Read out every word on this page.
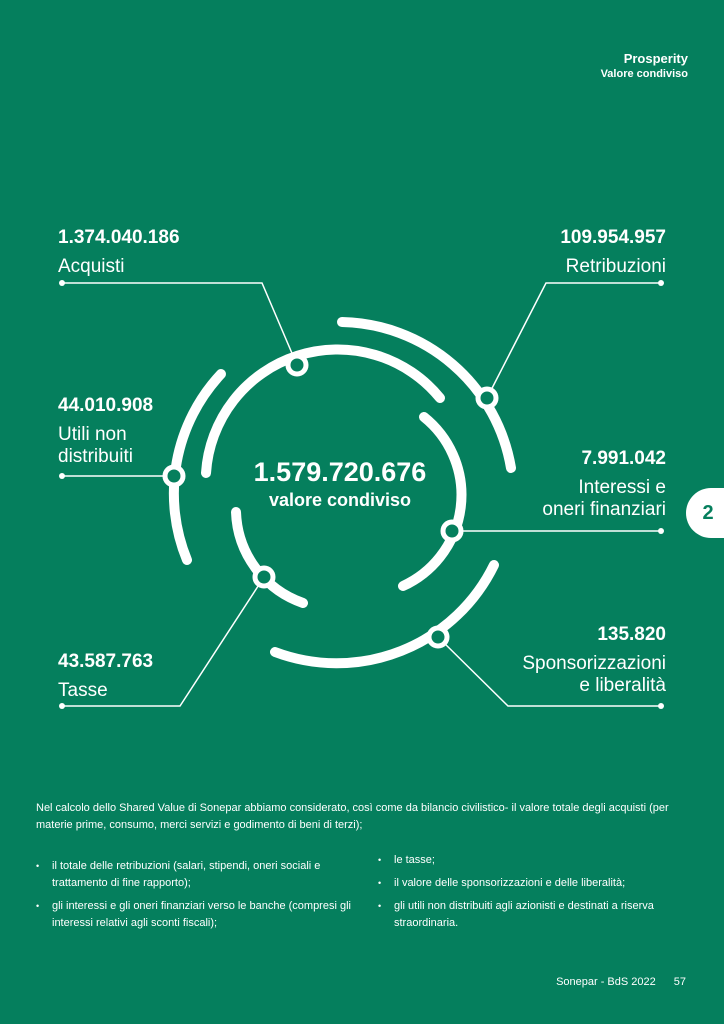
Prosperity
Valore condiviso
2
1.374.040.186
Acquisti
109.954.957
Retribuzioni
44.010.908
Utili non
distribuiti	7.991.042
Interessi e
oneri finanziari
43.587.763
Tasse
135.820
Sponsorizzazioni
e liberalità
1.579.720.676
valore condiviso
Nel calcolo dello Shared Value di Sonepar abbiamo considerato, così come da bilancio civilistico- il valore totale degli acquisti (per materie prime, consumo, merci servizi e godimento di beni di terzi);
• il totale delle retribuzioni (salari, stipendi, oneri sociali e trattamento di fine rapporto);
• gli interessi e gli oneri finanziari verso le banche (compresi gli interessi relativi agli sconti fiscali);
• le tasse;
• il valore delle sponsorizzazioni e delle liberalità;
• gli utili non distribuiti agli azionisti e destinati a riserva straordinaria.
Sonepar - BdS 2022 57
